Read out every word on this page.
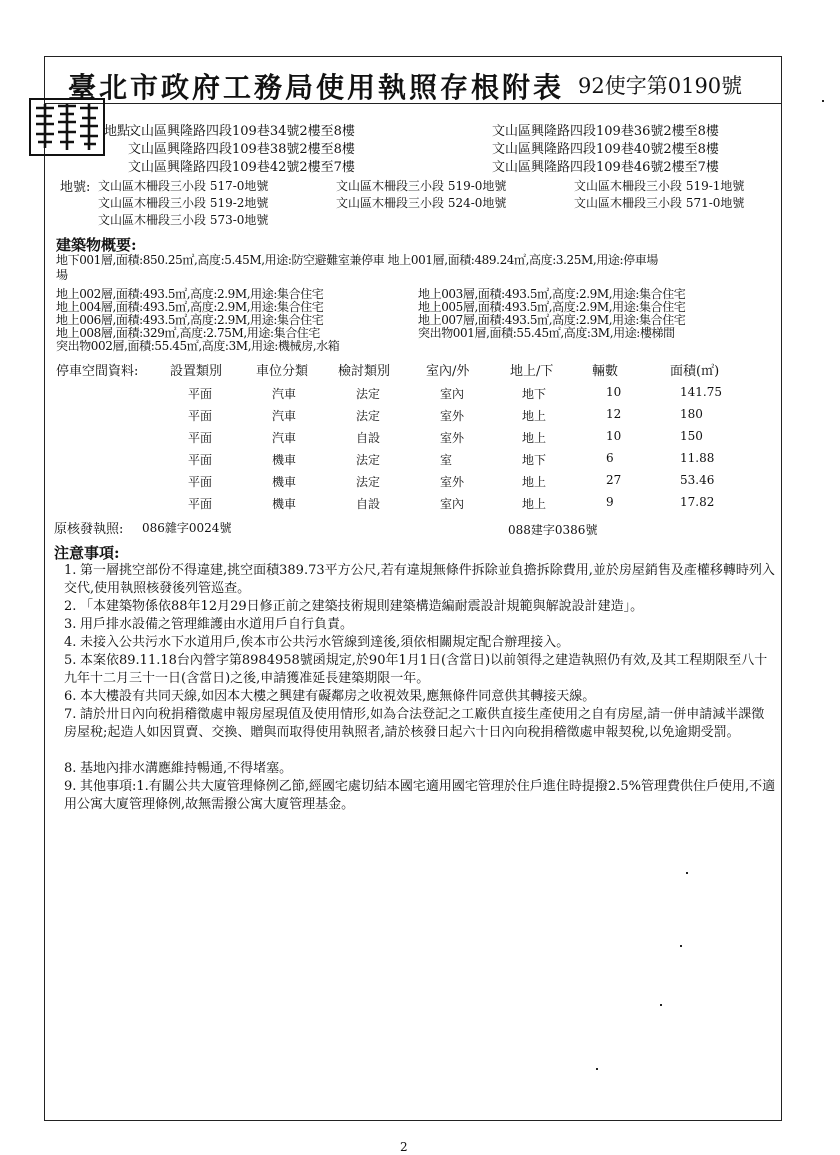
臺北市政府工務局使用執照存根附表 92使字第0190號
地點:
文山區興隆路四段109巷34號2樓至8樓	文山區興隆路四段109巷36號2樓至8樓
文山區興隆路四段109巷38號2樓至8樓	文山區興隆路四段109巷40號2樓至8樓
文山區興隆路四段109巷42號2樓至7樓	文山區興隆路四段109巷46號2樓至7樓
地號: 文山區木柵段三小段 517-0地號	文山區木柵段三小段 519-0地號	文山區木柵段三小段 519-1地號
文山區木柵段三小段 519-2地號	文山區木柵段三小段 524-0地號	文山區木柵段三小段 571-0地號
文山區木柵段三小段 573-0地號
建築物概要:
地下001層,面積:850.25㎡,高度:5.45M,用途:防空避難室兼停車 地上001層,面積:489.24㎡,高度:3.25M,用途:停車場
場
地上002層,面積:493.5㎡,高度:2.9M,用途:集合住宅	地上003層,面積:493.5㎡,高度:2.9M,用途:集合住宅
地上004層,面積:493.5㎡,高度:2.9M,用途:集合住宅	地上005層,面積:493.5㎡,高度:2.9M,用途:集合住宅
地上006層,面積:493.5㎡,高度:2.9M,用途:集合住宅	地上007層,面積:493.5㎡,高度:2.9M,用途:集合住宅
地上008層,面積:329㎡,高度:2.75M,用途:集合住宅	突出物001層,面積:55.45㎡,高度:3M,用途:樓梯間
突出物002層,面積:55.45㎡,高度:3M,用途:機械房,水箱
停車空間資料: 設置類別	車位分類 檢討類別	室內/外	地上/下	輛數	面積(㎡)
平面	汽車	法定	室內	地下	10	141.75
平面	汽車	法定	室外	地上	12	180
平面	汽車	自設	室外	地上	10	150
平面	機車	法定	室	地下	6	11.88
平面	機車	法定	室外	地上	27	53.46
平面	機車	自設	室內	地上	9	17.82
原核發執照: 086雜字0024號	088建字0386號
注意事項:
1. 第一層挑空部份不得違建,挑空面積389.73平方公尺,若有違規無條件拆除並負擔拆除費用,並於房屋銷售及產權移轉時列入交代,使用執照核發後列管巡查。
2. 「本建築物係依88年12月29日修正前之建築技術規則建築構造編耐震設計規範與解說設計建造」。
3. 用戶排水設備之管理維護由水道用戶自行負責。
4. 未接入公共污水下水道用戶,俟本市公共污水管線到達後,須依相關規定配合辦理接入。
5. 本案依89.11.18台內營字第8984958號函規定,於90年1月1日(含當日)以前領得之建造執照仍有效,及其工程期限至八十九年十二月三十一日(含當日)之後,申請獲准延長建築期限一年。
6. 本大樓設有共同天線,如因本大樓之興建有礙鄰房之收視效果,應無條件同意供其轉接天線。
7. 請於卅日內向稅捐稽徵處申報房屋現值及使用情形,如為合法登記之工廠供直接生產使用之自有房屋,請一併申請減半課徵房屋稅;起造人如因買賣、交換、贈與而取得使用執照者,請於核發日起六十日內向稅捐稽徵處申報契稅,以免逾期受罰。
8. 基地內排水溝應維持暢通,不得堵塞。
9. 其他事項:1.有關公共大廈管理條例乙節,經國宅處切結本國宅適用國宅管理於住戶進住時提撥2.5%管理費供住戶使用,不適用公寓大廈管理條例,故無需撥公寓大廈管理基金。
2
